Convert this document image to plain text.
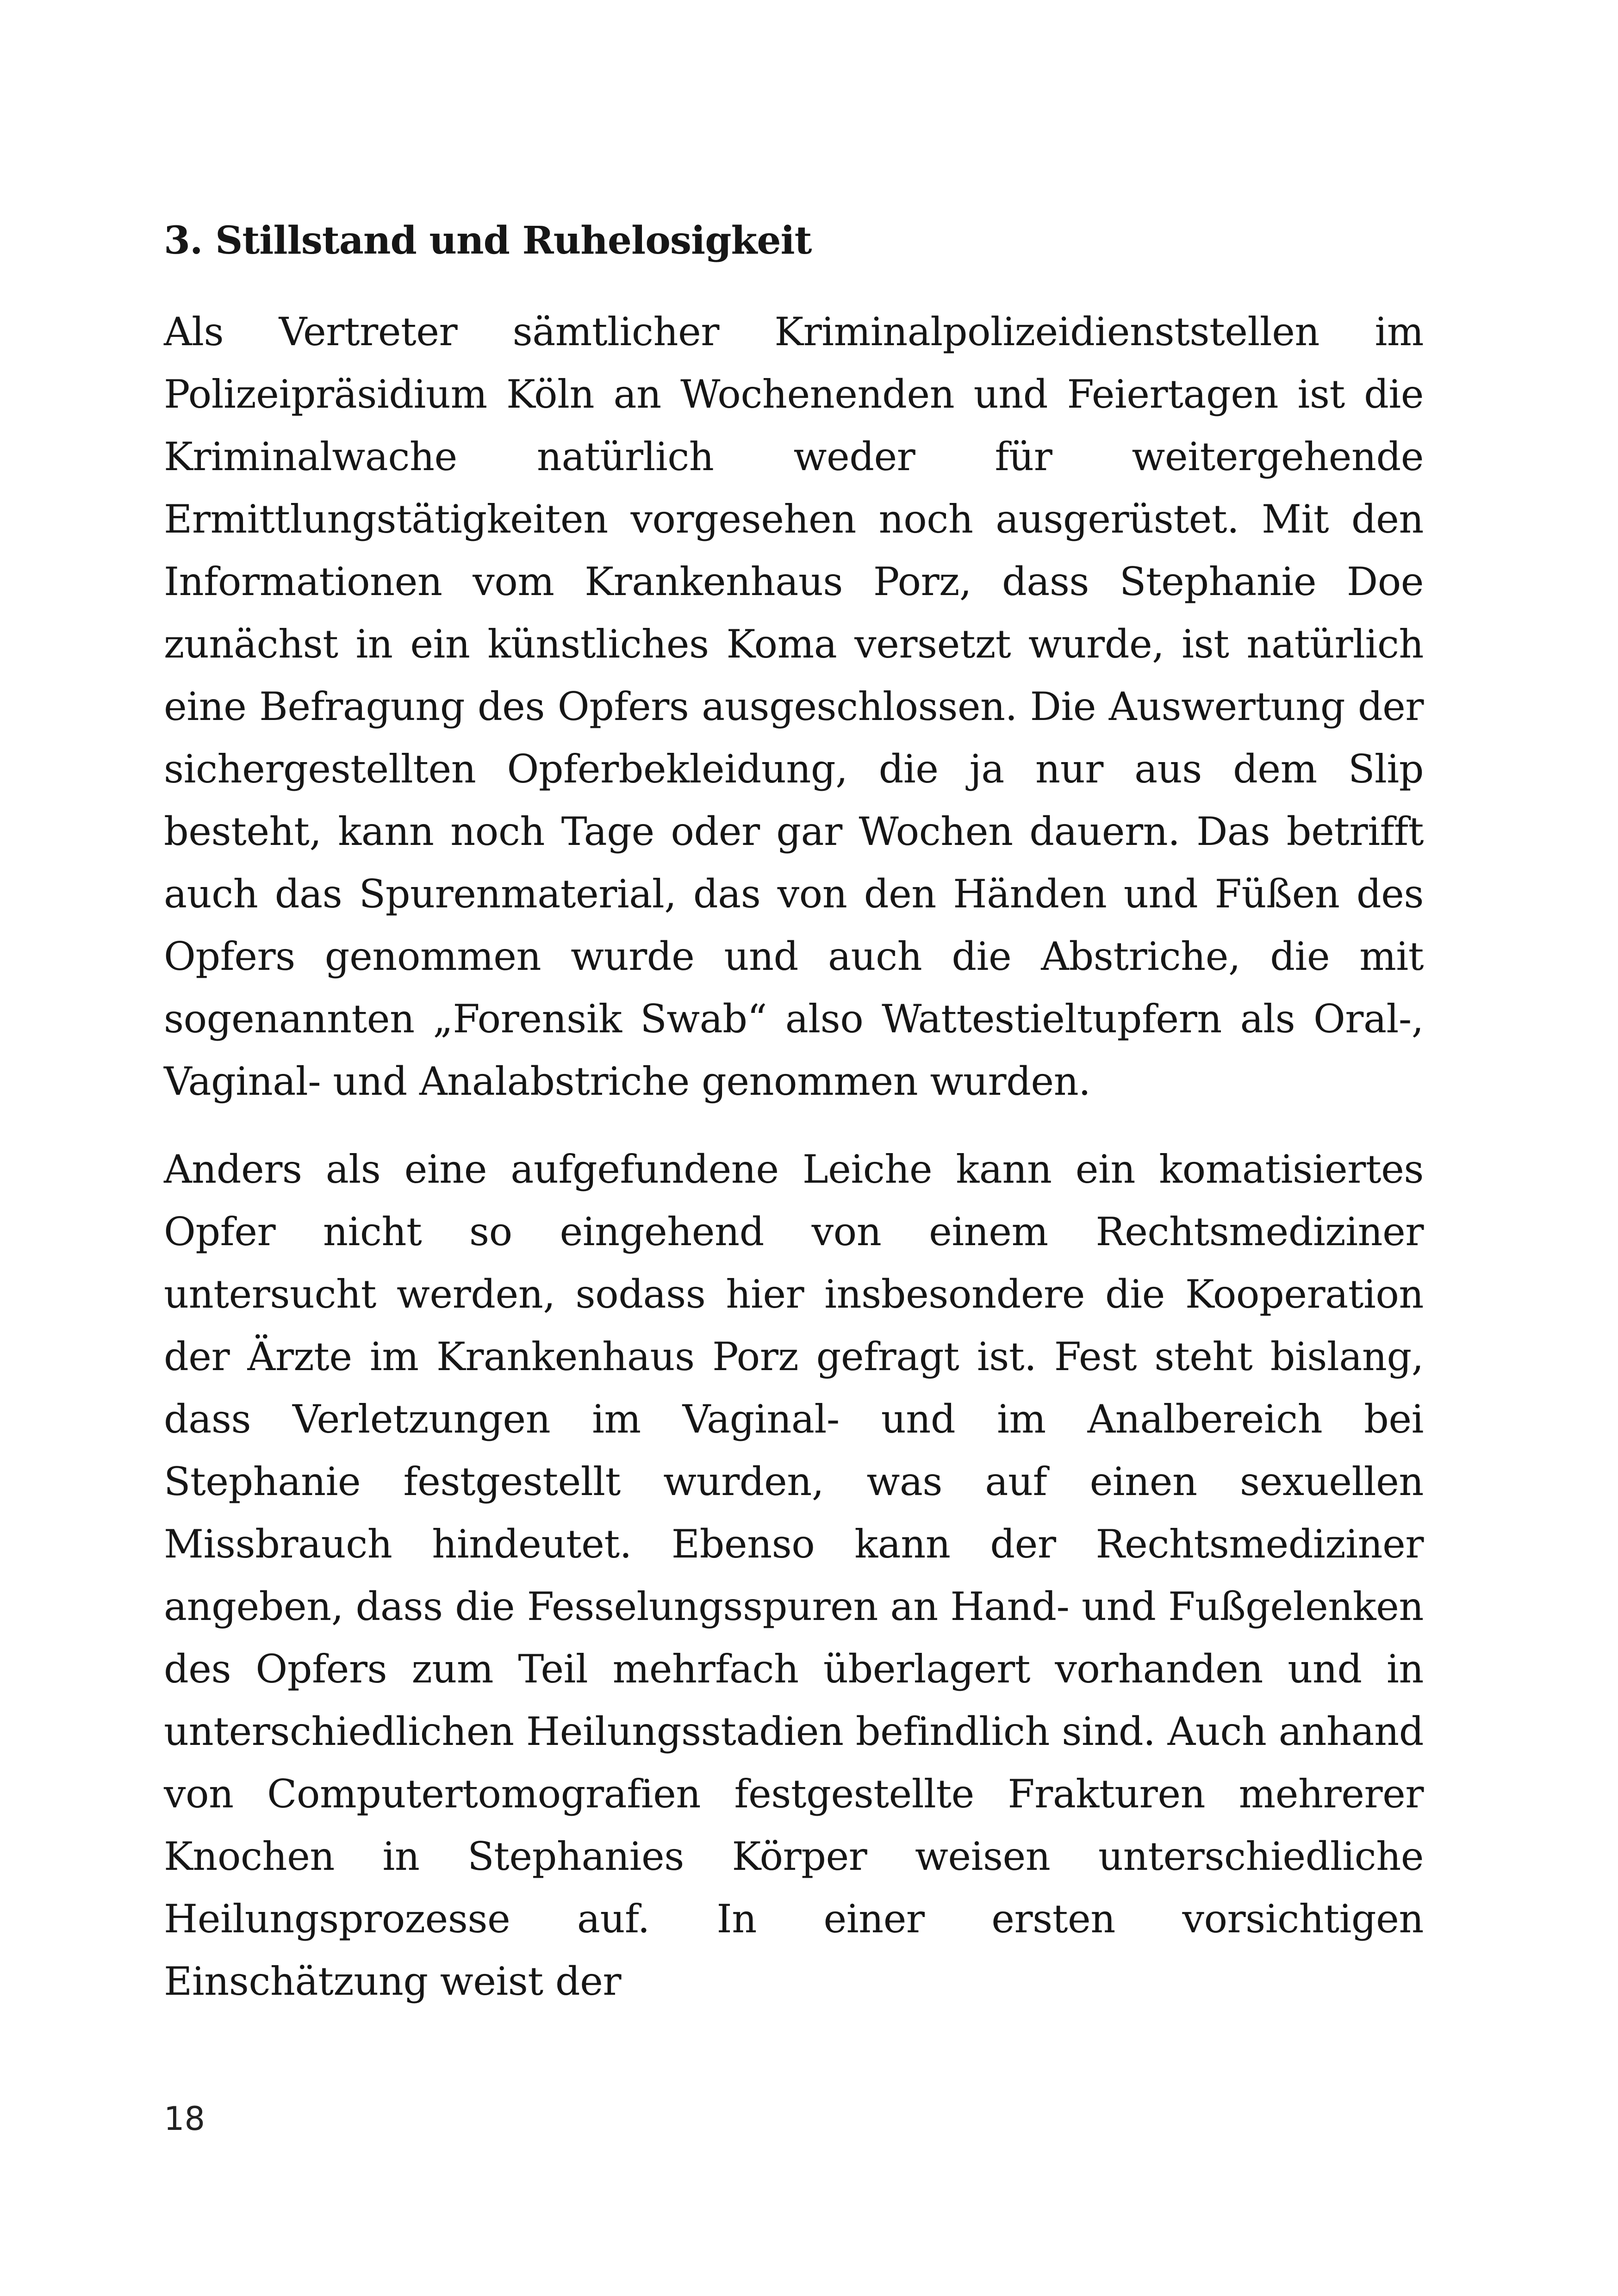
3. Stillstand und Ruhelosigkeit

Als Vertreter sämtlicher Kriminalpolizeidienststellen im Polizeipräsidium Köln an Wochenenden und Feiertagen ist die Kriminalwache natürlich weder für weitergehende Ermittlungstätigkeiten vorgesehen noch ausgerüstet. Mit den Informationen vom Krankenhaus Porz, dass Stephanie Doe zunächst in ein künstliches Koma versetzt wurde, ist natürlich eine Befragung des Opfers ausgeschlossen. Die Auswertung der sichergestellten Opferbekleidung, die ja nur aus dem Slip besteht, kann noch Tage oder gar Wochen dauern. Das betrifft auch das Spurenmaterial, das von den Händen und Füßen des Opfers genommen wurde und auch die Abstriche, die mit sogenannten „Forensik Swab“ also Wattestieltupfern als Oral-, Vaginal- und Analabstriche genommen wurden.

Anders als eine aufgefundene Leiche kann ein komatisiertes Opfer nicht so eingehend von einem Rechtsmediziner untersucht werden, sodass hier insbesondere die Kooperation der Ärzte im Krankenhaus Porz gefragt ist. Fest steht bislang, dass Verletzungen im Vaginal- und im Analbereich bei Stephanie festgestellt wurden, was auf einen sexuellen Missbrauch hindeutet. Ebenso kann der Rechtsmediziner angeben, dass die Fesselungsspuren an Hand- und Fußgelenken des Opfers zum Teil mehrfach überlagert vorhanden und in unterschiedlichen Heilungsstadien befindlich sind. Auch anhand von Computertomografien festgestellte Frakturen mehrerer Knochen in Stephanies Körper weisen unterschiedliche Heilungsprozesse auf. In einer ersten vorsichtigen Einschätzung weist der

18
